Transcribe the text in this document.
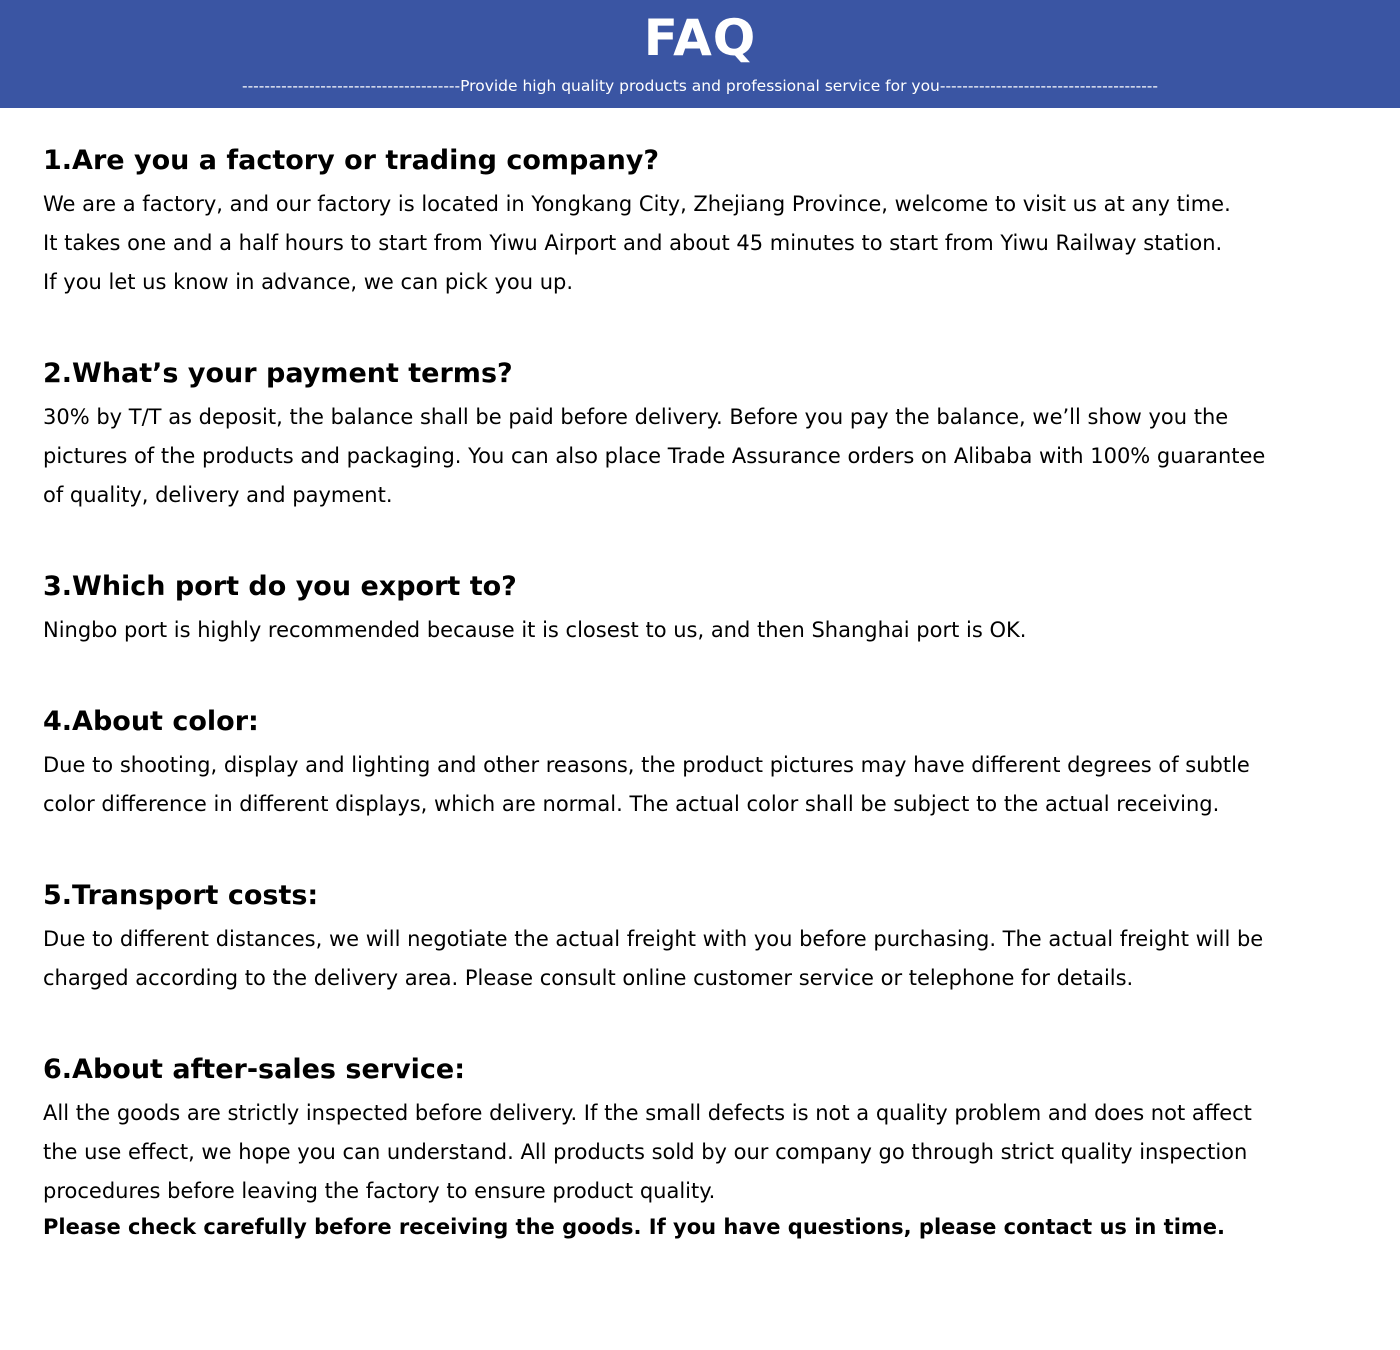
FAQ
---------------------------------------Provide high quality products and professional service for you---------------------------------------
1.Are you a factory or trading company?
We are a factory, and our factory is located in Yongkang City, Zhejiang Province, welcome to visit us at any time.
It takes one and a half hours to start from Yiwu Airport and about 45 minutes to start from Yiwu Railway station.
If you let us know in advance, we can pick you up.
2.What’s your payment terms?
30% by T/T as deposit, the balance shall be paid before delivery. Before you pay the balance, we’ll show you the
pictures of the products and packaging. You can also place Trade Assurance orders on Alibaba with 100% guarantee
of quality, delivery and payment.
3.Which port do you export to?
Ningbo port is highly recommended because it is closest to us, and then Shanghai port is OK.
4.About color:
Due to shooting, display and lighting and other reasons, the product pictures may have different degrees of subtle
color difference in different displays, which are normal. The actual color shall be subject to the actual receiving.
5.Transport costs:
Due to different distances, we will negotiate the actual freight with you before purchasing. The actual freight will be
charged according to the delivery area. Please consult online customer service or telephone for details.
6.About after-sales service:
All the goods are strictly inspected before delivery. If the small defects is not a quality problem and does not affect
the use effect, we hope you can understand. All products sold by our company go through strict quality inspection
procedures before leaving the factory to ensure product quality.
Please check carefully before receiving the goods. If you have questions, please contact us in time.
